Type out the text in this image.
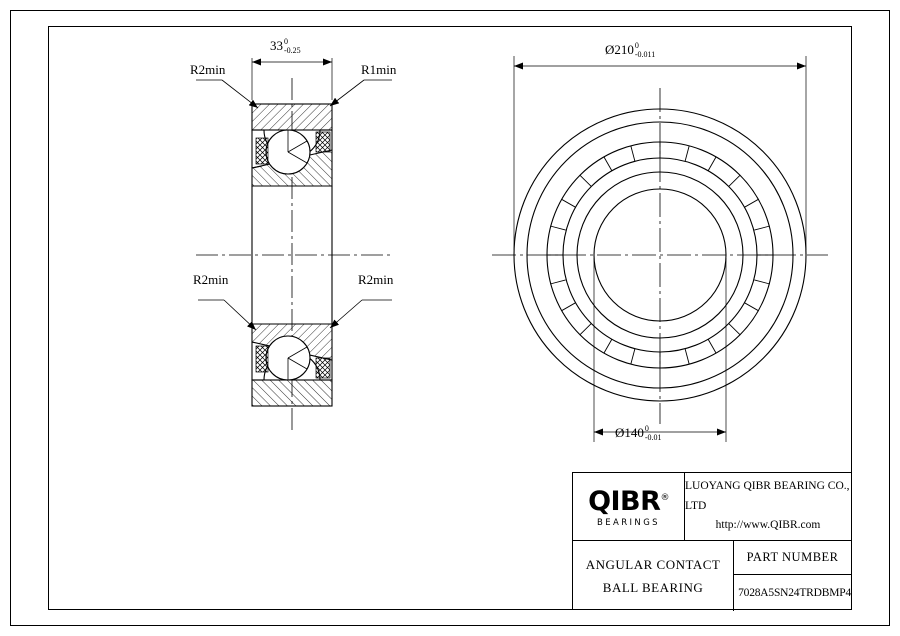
33 0
-0.25	Ø210 0
-0.011
Ø140 0
-0.01
R2min	R1min
R2min	R2min
QIBR®
BEARINGS
LUOYANG QIBR BEARING CO., LTD
http://www.QIBR.com
ANGULAR CONTACT
BALL BEARING
PART NUMBER
7028A5SN24TRDBMP4
